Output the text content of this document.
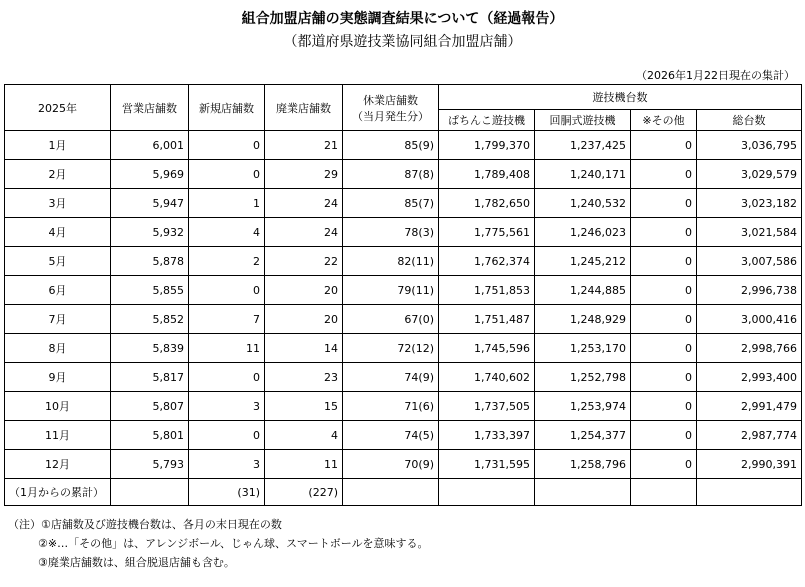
組合加盟店舗の実態調査結果について（経過報告）
（都道府県遊技業協同組合加盟店舗）
（2026年1月22日現在の集計）
2025年	営業店舗数	新規店舗数	廃業店舗数	休業店舗数
（当月発生分）	遊技機台数			
					ぱちんこ遊技機	回胴式遊技機	※その他	総台数
1月	6,001	0	21	85(9)	1,799,370	1,237,425	0	3,036,795
2月	5,969	0	29	87(8)	1,789,408	1,240,171	0	3,029,579
3月	5,947	1	24	85(7)	1,782,650	1,240,532	0	3,023,182
4月	5,932	4	24	78(3)	1,775,561	1,246,023	0	3,021,584
5月	5,878	2	22	82(11)	1,762,374	1,245,212	0	3,007,586
6月	5,855	0	20	79(11)	1,751,853	1,244,885	0	2,996,738
7月	5,852	7	20	67(0)	1,751,487	1,248,929	0	3,000,416
8月	5,839	11	14	72(12)	1,745,596	1,253,170	0	2,998,766
9月	5,817	0	23	74(9)	1,740,602	1,252,798	0	2,993,400
10月	5,807	3	15	71(6)	1,737,505	1,253,974	0	2,991,479
11月	5,801	0	4	74(5)	1,733,397	1,254,377	0	2,987,774
12月	5,793	3	11	70(9)	1,731,595	1,258,796	0	2,990,391
（1月からの累計）		(31)	(227)					
（注）①店舗数及び遊技機台数は、各月の末日現在の数
②※…「その他」は、アレンジボール、じゃん球、スマートボールを意味する。
③廃業店舗数は、組合脱退店舗も含む。
